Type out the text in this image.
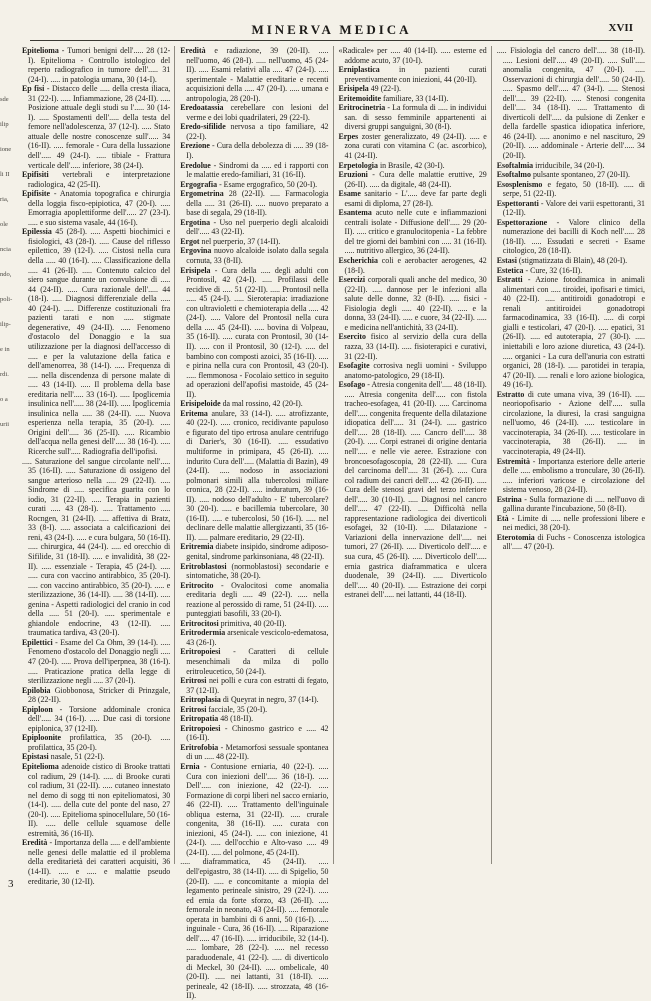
MINERVA MEDICA	XVII
sde
ilip
ione
li II
ria,
ole
ncia
ndo,
poli-
ilip-
e in
rdi.
o a
urii

Epitelioma - Tumori benigni dell'..... 28 (12-I). Epitelioma - Controllo istologico del reperto radiografico in tumore dell'..... 31 (24-I). ..... in patologia umana, 30 (14-I).

Ep fisi - Distacco delle ..... della cresta iliaca, 31 (22-I). ..... Infiammazione, 28 (24-II). ..... Posizione attuale degli studi su l'..... 30 (14-I). ..... Spostamenti dell'..... della testa del femore nell'adolescenza, 37 (12-I). ..... Stato attuale delle nostre conoscenze sull'..... 34 (16-II). ..... femorale - Cura della lussazione dell'..... 49 (24-I). ..... tibiale - Frattura verticale dell'..... inferiore, 38 (24-I).

Epifisiti vertebrali e interpretazione radiologica, 42 (25-II).

Epifisite - Anatomia topografica e chirurgia della loggia fisco-epipiotica, 47 (20-I). ..... Emorragia apoplettiforme dell'..... 27 (23-I). ..... e suo sistema vasale, 44 (16-I).

Epilessia 45 (28-I). ..... Aspetti biochimici e fisiologici, 43 (28-I). ..... Cause del riflesso epilettico, 39 (12-I). ..... Cistosi nella cura della ..... 40 (16-I). ..... Classificazione della ..... 41 (26-II). ..... Contenuto calcico del siero sangue durante un convulsione di ..... 44 (24-II). ..... Cura razionale dell'..... 44 (18-I). ..... Diagnosi differenziale della ..... 40 (24-I). ..... Differenze costituzionali fra pazienti tarati e non ..... stigmate degenerative, 49 (24-II). ..... Fenomeno d'ostacolo del Donaggio e la sua utilizzazione per la diagnosi dell'accesso di ..... e per la valutazione della fatica e dell'amenorrea, 38 (14-I). ..... Frequenza di ..... nella discendenza di persone malate di ..... 43 (14-II). ..... Il problema della base ereditaria nell'..... 33 (16-I). ..... Ipoglicemia insulinica nell'..... 38 (24-II). ..... Ipoglicemia insulinica nella ..... 38 (24-II). ..... Nuova esperienza nella terapia, 35 (20-I). ..... Origini dell'..... 36 (25-II). ..... Ricambio dell'acqua nella genesi dell'..... 38 (16-I). ..... Ricerche sull'..... Radiografia dell'ipofisi.

..... Saturazione del sangue circolante nell'..... 35 (16-II). ..... Saturazione di ossigeno del sangue arterioso nella ..... 29 (22-II). ..... Sindrome di ..... specifica guarita con lo iodio, 31 (22-II). ..... Terapia in pazienti curati ..... 43 (28-I). ..... Trattamento ..... Rocngen, 31 (24-II). ..... affettiva di Bratz, 33 (8-I). ..... associata a calcificazioni dei reni, 43 (24-I). ..... e cura bulgara, 50 (16-II). ..... chirurgica, 44 (24-I). ..... ed orecchio di Sifilide, 31 (18-II). ..... e invalidità, 38 (22-II). ..... essenziale - Terapia, 45 (24-I). ..... ..... cura con vaccino antirabbico, 35 (20-I). ..... con vaccino antirabbico, 35 (20-I). ..... e sterilizzazione, 36 (14-II). ..... 38 (14-II). ..... genina - Aspetti radiologici del cranio in cod della ..... 51 (20-I). ..... sperimentale e ghiandole endocrine, 43 (12-II). ..... traumatica tardiva, 43 (20-I).

Epilettici - Esame del Ca Ohm, 39 (14-I). ..... Fenomeno d'ostacolo del Donaggio negli ..... 47 (20-I). ..... Prova dell'iperpnea, 38 (16-I). ..... Praticazione pratica della legge di sterilizzazione negli ..... 37 (20-I).

Epilobia Giobbonosa, Stricker di Prinzgale, 28 (22-II).

Epiploon - Torsione addominale cronica dell'..... 34 (16-I). ..... Due casi di torsione epiplonica, 37 (12-II).

Epiploonite profilattica, 35 (20-I). ..... profilattica, 35 (20-I).

Epistasi nasale, 51 (22-I).

Epitelioma adenoide cistico di Brooke trattati col radium, 29 (14-I). ..... di Brooke curati col radium, 31 (22-II). ..... cutaneo innestato nel demo di sogg tti non epiteliomatosi, 30 (14-I). ..... della cute del ponte del naso, 27 (20-I). ..... Epitelioma spinocellulare, 50 (16-II). ..... delle cellule squamose delle estremità, 36 (16-II).

Eredità - Importanza della ..... e dell'ambiente nelle genesi delle malattie ed il problema della ereditarietà dei caratteri acquisiti, 36 (14-II). ..... e ..... e malattie pseudo ereditarie, 30 (12-II).

Eredità e radiazione, 39 (20-II). ..... nell'uomo, 46 (28-I). ..... nell'uomo, 45 (24-II). ..... Esami relativi alla ..... 47 (24-I). ..... sperimentale - Malattie ereditarie e recenti acquisizioni della ..... 47 (20-I). ..... umana e antropologia, 28 (20-I).

Eredoatassia cerebellare con lesioni del verme e dei lobi quadrilateri, 29 (22-I).

Eredo-sifilide nervosa a tipo familiare, 42 (22-I).

Erezione - Cura della debolezza di ..... 39 (18-I).

Eredolue - Sindromi da ..... ed i rapporti con le malattie eredo-familiari, 31 (16-II).

Ergografia - Esame ergografico, 50 (20-I).

Ergometrina 28 (22-II). ..... Farmacologia della ..... 31 (26-II). ..... nuovo preparato a base di segala, 29 (18-II).

Ergotina - Uso nel puerperio degli alcaloidi dell'..... 43 (22-II).

Ergot nel puerperio, 37 (14-II).

Ergovina nuovo alcaloide isolato dalla segala cornuta, 33 (8-II).

Erisipela - Cura della ..... degli adulti con Prontosil, 42 (24-I). ..... Profilassi delle recidive di ..... 51 (22-II). ..... Prontosil nella ..... 45 (24-I). ..... Sieroterapia: irradiazione con ultravioletti e chemioterapia della ..... 42 (24-I). ..... Valore del Prontosil nella cura della ..... 45 (24-II). ..... bovina di Volpeau, 35 (16-II). ..... curata con Prontosil, 30 (14-II). ..... con il Prontosil, 30 (12-I). ..... del bambino con composti azoici, 35 (16-II). ..... e pirina nella cura con Prontosil, 43 (20-I). ..... flemmonosa - Focolaio settico in seguito ad operazioni dell'apofisi mastoide, 45 (24-II).

Erisipeloide da mal rossino, 42 (20-I).

Eritema anulare, 33 (14-I). ..... atrofizzante, 40 (22-I). ..... cronico, recidivante papuloso e figurato del tipo ertrosa anulare centrifugo di Darier's, 30 (16-II). ..... essudativo multiforme in primipara, 45 (26-II). ..... indurito Cura dell'..... (Malattia di Bazin), 49 (24-II). ..... nodoso in associazioni polmonari simili alla tubercolosi miliare cronica, 28 (22-II). ..... induraturn, 39 (16-II). ..... nodoso dell'adulto - E' tubercolare? 30 (20-I). ..... e bacillemia tubercolare, 30 (16-II). ..... e tubercolosi, 50 (16-I). ..... nel declinare delle malattie allergizzanti, 35 (16-II). ..... palmare ereditario, 29 (22-II).

Eritremia diabete insipido, sindrome adiposo-genital, sindrome parkinsoniana, 48 (22-II).

Eritroblastosi (normoblastosi) secondarie e sintomatiche, 38 (20-I).

Eritrocito - Ovalocitosi come anomalia ereditaria degli ..... 49 (22-I). ..... nella reazione al perossido di rame, 51 (24-II). ..... punteggiati basofili, 33 (20-I).

Eritrocitosi primitiva, 40 (20-II).

Eritrodermia arsenicale vescicolo-edematosa, 43 (26-I).

Eritropoiesi - Caratteri di cellule mesenchimali da milza di pollo eritroleucetico, 50 (24-I).

Eritrosi nei polli e cura con estratti di fegato, 37 (12-II).

Eritroplasia di Queyrat in negro, 37 (14-I).

Eritrosi facciale, 35 (20-I).

Eritropatia 48 (18-II).

Eritropoiesi - Chinosmo gastrico e ..... 42 (16-II).

Eritrofobia - Metamorfosi sessuale spontanea di un ..... 48 (22-II).

Ernia - Contusione erniaria, 40 (22-I). ..... Cura con iniezioni dell'..... 36 (18-I). ..... Dell'..... con iniezione, 42 (22-I). ..... Formazione di corpi liberi nel sacco erniario, 46 (22-II). ..... Trattamento dell'inguinale obliqua esterna, 31 (22-II). ..... crurale congenita, 38 (16-II). ..... curata con iniezioni, 45 (24-I). ..... con iniezione, 41 (24-I). ..... dell'occhio e Alto-vaso ..... 49 (24-II). ..... del polmone, 45 (24-II).

..... diaframmatica, 45 (24-II). ..... dell'epigastro, 38 (14-II). ..... di Spigelio, 50 (20-II). ..... e concomitante a miopia del legamento perineale sinistro, 29 (22-I). ..... ed ernia da forte sforzo, 43 (26-II). ..... femorale in neonato, 43 (24-II). ..... femorale operata in bambini di 6 anni, 50 (16-I). ..... inguinale - Cura, 36 (16-II). ..... Riparazione dell'..... 47 (16-II). ..... irriducibile, 32 (14-I). ..... lombare, 28 (22-I). ..... nel recesso paraduodenale, 41 (22-I). ..... di diverticolo di Meckel, 30 (24-II). ..... ombelicale, 40 (20-II). ..... nei lattanti, 31 (18-II). ..... perineale, 42 (18-II). ..... strozzata, 48 (16-II).

«Radicale» per ..... 40 (14-II). ..... esterne ed addome acuto, 37 (10-I).

Erniplastica in pazienti curati preventivamente con iniezioni, 44 (20-II).

Erisipela 49 (22-I).

Eritemoidite familiare, 33 (14-II).

Eritrocinetria - La formula di ..... in individui san. di sesso femminile appartenenti ai diversi gruppi sanguigni, 30 (8-I).

Erpes zoster generalizzato, 49 (24-II). ..... e zona curati con vitamina C (ac. ascorbico), 41 (24-II).

Erpetologia in Brasile, 42 (30-I).

Eruzioni - Cura delle malattie eruttive, 29 (26-II). ..... da digitale, 48 (24-II).

Esame sanitario - L'..... deve far parte degli esami di diploma, 27 (28-I).

Esantema acuto nelle cute e infiammazioni centrali isolate - Diffusione dell'..... 29 (20-II). ..... critico e granulocitopenia - La febbre del tre giorni dei bambini con ..... 31 (16-II). ..... nutritivo allergico, 36 (24-II).

Escherichia coli e aerobacter aerogenes, 42 (18-I).

Esercizi corporali quali anche del medico, 30 (22-II). ..... dannose per le infezioni alla salute delle donne, 32 (8-II). ..... fisici - Fisiologia degli ..... 40 (22-II). ..... e la donna, 33 (24-II). ..... e cuore, 34 (22-II). ..... e medicina nell'antichità, 33 (24-II).

Esercito fisico al servizio della cura della razza, 33 (14-II). ..... fisioterapici e curativi, 31 (22-II).

Esofagite corrosiva negli uomini - Sviluppo anatomo-patologico, 29 (18-II).

Esofago - Atresia congenita dell'..... 48 (18-II). ..... Atresia congenita dell'..... con fistola tracheo-esofagea, 41 (20-II). ..... Carcinoma dell'..... congenita frequente della dilatazione idiopatica dell'..... 31 (24-I). ..... gastrico dell'..... 28 (18-II). ..... Cancro dell'..... 38 (20-I). ..... Corpi estranei di origine dentaria nell'..... e nelle vie aeree. Estrazione con broncoesofagoscopia, 28 (22-II). ..... Cura del carcinoma dell'..... 31 (26-I). ..... Cura col radium dei cancri dell'..... 42 (26-II). ..... Cura delle stenosi gravi del terzo inferiore dell'..... 30 (10-II). ..... Diagnosi nel cancro dell'..... 47 (22-II). ..... Difficoltà nella rappresentazione radiologica dei diverticoli esofagei, 32 (10-II). ..... Dilatazione - Variazioni della innervazione dell'..... nei tumori, 27 (26-II). ..... Diverticolo dell'..... e sua cura, 45 (26-II). ..... Diverticolo dell'..... ernia gastrica diaframmatica e ulcera duodenale, 39 (24-II). ..... Diverticolo dell'..... 40 (20-II). ..... Estrazione dei corpi estranei dell'..... nei lattanti, 44 (18-II).

..... Fisiologia del cancro dell'..... 38 (18-II). ..... Lesioni dell'..... 49 (20-II). ..... Sull'..... anomalia congenita, 47 (20-I). ..... Osservazioni di chirurgia dell'..... 50 (24-II). ..... Spasmo dell'..... 47 (34-I). ..... Stenosi dell'..... 39 (22-II). ..... Stenosi congenita dell'..... 34 (18-II). ..... Trattamento di diverticoli dell'..... da pulsione di Zenker e della fardelle spastica idiopatica inferiore, 46 (24-II). ..... anonimo e nel nascituro, 29 (20-II). ..... addominale - Arterie dell'..... 34 (20-II).

Esoftalmia irriducibile, 34 (20-I).

Esoftalmo pulsante spontaneo, 27 (20-II).

Esosplenismo e fegato, 50 (18-II). ..... di serpe, 51 (22-II).

Espettoranti - Valore dei varii espettoranti, 31 (12-II).

Espettorazione - Valore clinico della numerazione dei bacilli di Koch nell'..... 28 (18-II). ..... Essudati e secreti - Esame citologico, 28 (18-II).

Estasi (stigmatizzata di Blain), 48 (20-I).

Estetica - Cure, 32 (16-II).

Estratti - Azione fotodinamica in animali alimentari con ..... tiroidei, ipofisari e timici, 40 (22-II). ..... antitiroidi gonadotropi e renali antitiroidei gonadotropi farmacodinamica, 33 (16-II). ..... di corpi gialli e testicolari, 47 (20-I). ..... epatici, 31 (26-II). ..... ed autoterapia, 27 (30-I). ..... iniettabili e loro azione diuretica, 43 (24-I). ..... organici - La cura dell'anuria con estratti organici, 28 (18-I). ..... parotidei in terapia, 47 (20-II). ..... renali e loro azione biologica, 49 (16-I).

Estratto di cute umana viva, 39 (16-II). ..... neoriopofisario - Azione dell'..... sulla circolazione, la diuresi, la crasi sanguigna nell'uomo, 46 (24-II). ..... testicolare in vaccinoterapia, 34 (26-II). ..... testicolare in vaccinoterapia, 38 (26-II). ..... in vaccinoterapia, 49 (24-II).

Estremità - Importanza esteriore delle arterie delle ..... embolismo a tronculare, 30 (26-II). ..... inferiori varicose e circolazione del sistema venoso, 28 (24-II).

Estrina - Sulla formazione di ..... nell'uovo di gallina durante l'incubazione, 50 (8-II).

Età - Limite di ..... nelle professioni libere e nei medici, 38 (20-I).

Eterotomia di Fuchs - Conoscenza istologica all'..... 47 (20-I).

3
